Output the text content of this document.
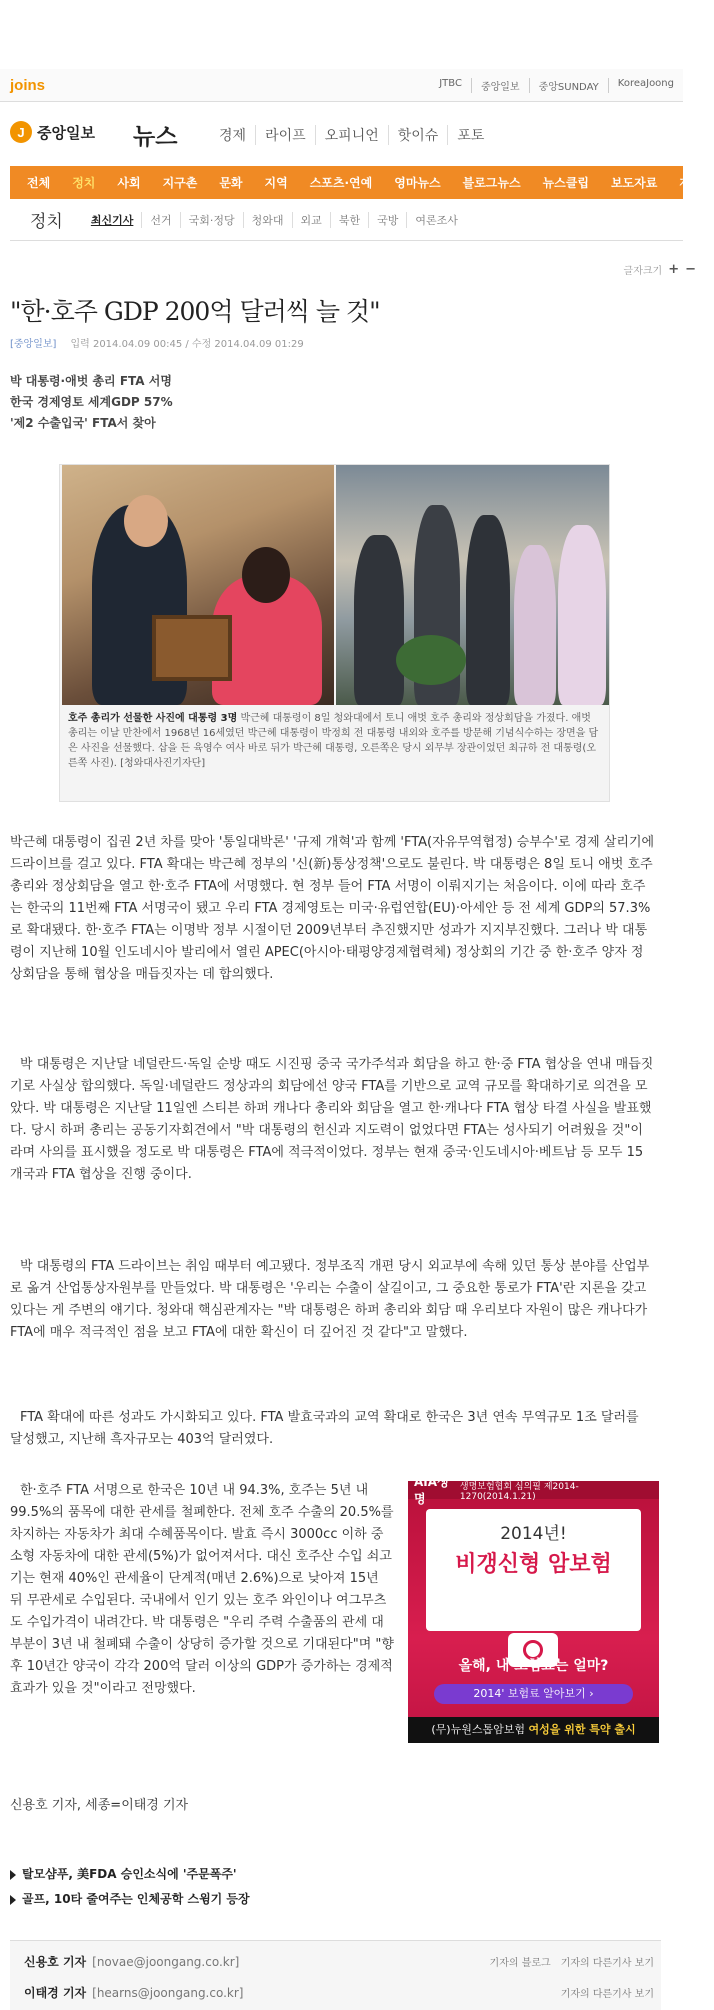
joins	JTBC	중앙일보	중앙SUNDAY	KoreaJoong
J 중앙일보 뉴스	경제	라이프	오피니언	핫이슈	포토
전체	정치	사회	지구촌	문화	지역	스포츠·연예	영마뉴스	블로그뉴스	뉴스클립	보도자료	제보
정치	최신기사	선거	국회·정당	청와대	외교	북한	국방	여론조사
글자크기 + −
"한·호주 GDP 200억 달러씩 늘 것"
[중앙일보] 입력 2014.04.09 00:45 / 수정 2014.04.09 01:29
박 대통령·애벗 총리 FTA 서명
한국 경제영토 세계GDP 57%
'제2 수출입국' FTA서 찾아
호주 총리가 선물한 사진에 대통령 3명 박근혜 대통령이 8일 청와대에서 토니 애벗 호주 총리와 정상회담을 가졌다. 애벗 총리는 이날 만찬에서 1968년 16세였던 박근혜 대통령이 박정희 전 대통령 내외와 호주를 방문해 기념식수하는 장면을 담은 사진을 선물했다. 삽을 든 육영수 여사 바로 뒤가 박근혜 대통령, 오른쪽은 당시 외무부 장관이었던 최규하 전 대통령(오른쪽 사진). [청와대사진기자단]

박근혜 대통령이 집권 2년 차를 맞아 '통일대박론' '규제 개혁'과 함께 'FTA(자유무역협정) 승부수'로 경제 살리기에 드라이브를 걸고 있다. FTA 확대는 박근혜 정부의 '신(新)통상정책'으로도 불린다. 박 대통령은 8일 토니 애벗 호주 총리와 정상회담을 열고 한·호주 FTA에 서명했다. 현 정부 들어 FTA 서명이 이뤄지기는 처음이다. 이에 따라 호주는 한국의 11번째 FTA 서명국이 됐고 우리 FTA 경제영토는 미국·유럽연합(EU)·아세안 등 전 세계 GDP의 57.3%로 확대됐다. 한·호주 FTA는 이명박 정부 시절이던 2009년부터 추진했지만 성과가 지지부진했다. 그러나 박 대통령이 지난해 10월 인도네시아 발리에서 열린 APEC(아시아·태평양경제협력체) 정상회의 기간 중 한·호주 양자 정상회담을 통해 협상을 매듭짓자는 데 합의했다.

박 대통령은 지난달 네덜란드·독일 순방 때도 시진핑 중국 국가주석과 회담을 하고 한·중 FTA 협상을 연내 매듭짓기로 사실상 합의했다. 독일·네덜란드 정상과의 회담에선 양국 FTA를 기반으로 교역 규모를 확대하기로 의견을 모았다. 박 대통령은 지난달 11일엔 스티븐 하퍼 캐나다 총리와 회담을 열고 한·캐나다 FTA 협상 타결 사실을 발표했다. 당시 하퍼 총리는 공동기자회견에서 "박 대통령의 헌신과 지도력이 없었다면 FTA는 성사되기 어려웠을 것"이라며 사의를 표시했을 정도로 박 대통령은 FTA에 적극적이었다. 정부는 현재 중국·인도네시아·베트남 등 모두 15개국과 FTA 협상을 진행 중이다.

박 대통령의 FTA 드라이브는 취임 때부터 예고됐다. 정부조직 개편 당시 외교부에 속해 있던 통상 분야를 산업부로 옮겨 산업통상자원부를 만들었다. 박 대통령은 '우리는 수출이 살길이고, 그 중요한 통로가 FTA'란 지론을 갖고 있다는 게 주변의 얘기다. 청와대 핵심관계자는 "박 대통령은 하퍼 총리와 회담 때 우리보다 자원이 많은 캐나다가 FTA에 매우 적극적인 점을 보고 FTA에 대한 확신이 더 깊어진 것 같다"고 말했다.

FTA 확대에 따른 성과도 가시화되고 있다. FTA 발효국과의 교역 확대로 한국은 3년 연속 무역규모 1조 달러를 달성했고, 지난해 흑자규모는 403억 달러였다.

한·호주 FTA 서명으로 한국은 10년 내 94.3%, 호주는 5년 내 99.5%의 품목에 대한 관세를 철폐한다. 전체 호주 수출의 20.5%를 차지하는 자동차가 최대 수혜품목이다. 발효 즉시 3000cc 이하 중소형 자동차에 대한 관세(5%)가 없어져서다. 대신 호주산 수입 쇠고기는 현재 40%인 관세율이 단계적(매년 2.6%)으로 낮아져 15년 뒤 무관세로 수입된다. 국내에서 인기 있는 호주 와인이나 여그무츠도 수입가격이 내려간다. 박 대통령은 "우리 주력 수출품의 관세 대부분이 3년 내 철폐돼 수출이 상당히 증가할 것으로 기대된다"며 "향후 10년간 양국이 각각 200억 달러 이상의 GDP가 증가하는 경제적 효과가 있을 것"이라고 전망했다.

AIA생명
생명보험협회 심의필 제2014-1270(2014.1.21)
2014년!
비갱신형 암보험
올해, 내 보험료는 얼마?
2014' 보험료 알아보기 ›
(무)뉴원스톱암보험 여성을 위한 특약 출시
신용호 기자, 세종=이태경 기자
탈모샴푸, 美FDA 승인소식에 '주문폭주'
골프, 10타 줄여주는 인체공학 스윙기 등장
신용호 기자 [novae@joongang.co.kr]	기자의 블로그 기자의 다른기사 보기
이태경 기자 [hearns@joongang.co.kr]	기자의 다른기사 보기
